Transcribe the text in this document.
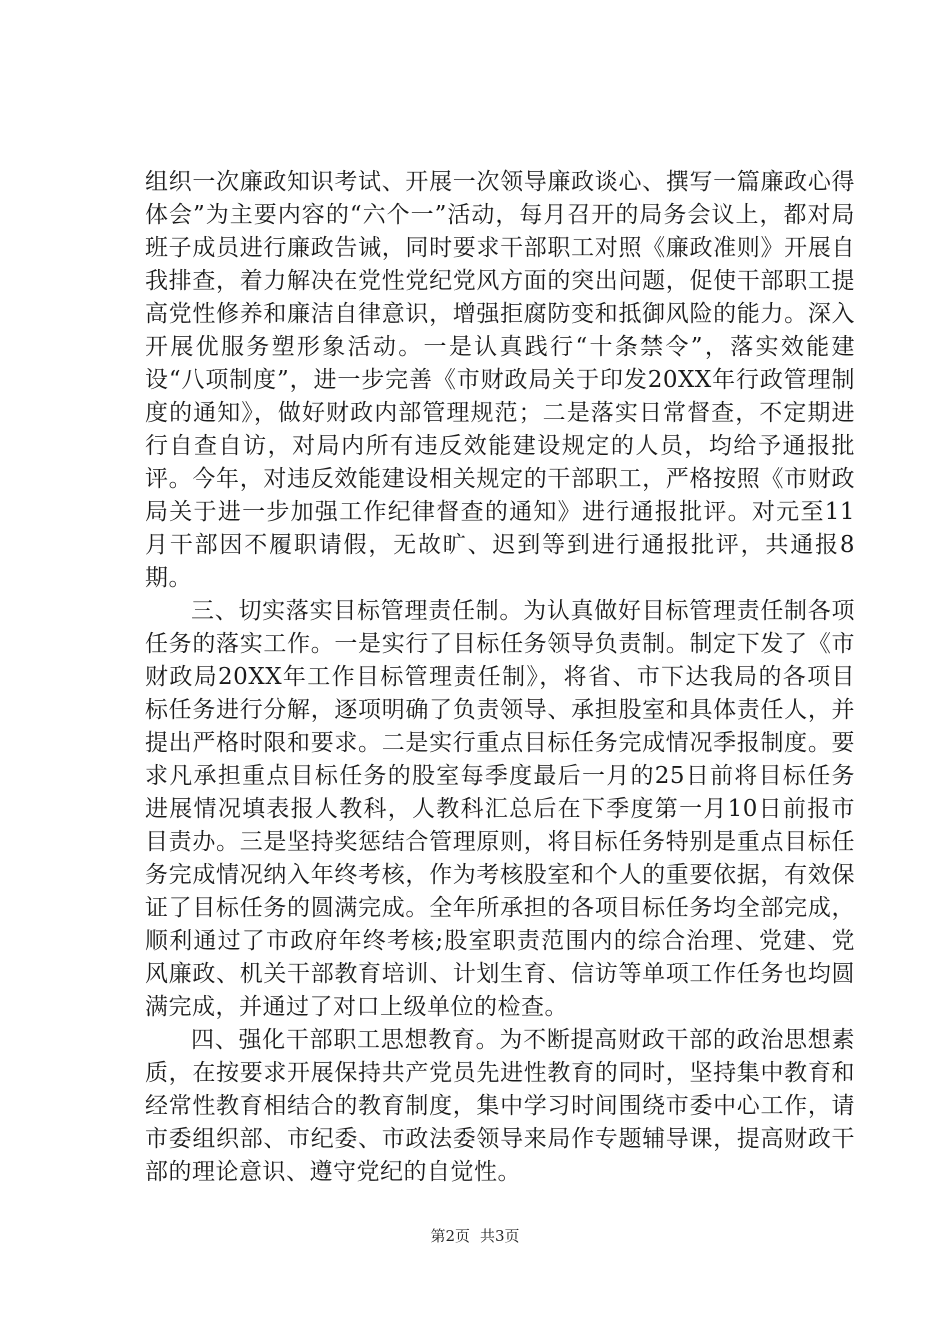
组织一次廉政知识考试、开展一次领导廉政谈心、撰写一篇廉政心得体会”为主要内容的“六个一”活动，每月召开的局务会议上，都对局班子成员进行廉政告诫，同时要求干部职工对照《廉政准则》开展自我排查，着力解决在党性党纪党风方面的突出问题，促使干部职工提高党性修养和廉洁自律意识，增强拒腐防变和抵御风险的能力。深入开展优服务塑形象活动。一是认真践行“十条禁令”，落实效能建设“八项制度”，进一步完善《市财政局关于印发20XX年行政管理制度的通知》，做好财政内部管理规范；二是落实日常督查，不定期进行自查自访，对局内所有违反效能建设规定的人员，均给予通报批评。今年，对违反效能建设相关规定的干部职工，严格按照《市财政局关于进一步加强工作纪律督查的通知》进行通报批评。对元至11月干部因不履职请假，无故旷、迟到等到进行通报批评，共通报8期。

三、切实落实目标管理责任制。为认真做好目标管理责任制各项任务的落实工作。一是实行了目标任务领导负责制。制定下发了《市财政局20XX年工作目标管理责任制》，将省、市下达我局的各项目标任务进行分解，逐项明确了负责领导、承担股室和具体责任人，并提出严格时限和要求。二是实行重点目标任务完成情况季报制度。要求凡承担重点目标任务的股室每季度最后一月的25日前将目标任务进展情况填表报人教科，人教科汇总后在下季度第一月10日前报市目责办。三是坚持奖惩结合管理原则，将目标任务特别是重点目标任务完成情况纳入年终考核，作为考核股室和个人的重要依据，有效保证了目标任务的圆满完成。全年所承担的各项目标任务均全部完成，顺利通过了市政府年终考核;股室职责范围内的综合治理、党建、党风廉政、机关干部教育培训、计划生育、信访等单项工作任务也均圆满完成，并通过了对口上级单位的检查。

四、强化干部职工思想教育。为不断提高财政干部的政治思想素质，在按要求开展保持共产党员先进性教育的同时，坚持集中教育和经常性教育相结合的教育制度，集中学习时间围绕市委中心工作，请市委组织部、市纪委、市政法委领导来局作专题辅导课，提高财政干部的理论意识、遵守党纪的自觉性。

第2页 共3页
